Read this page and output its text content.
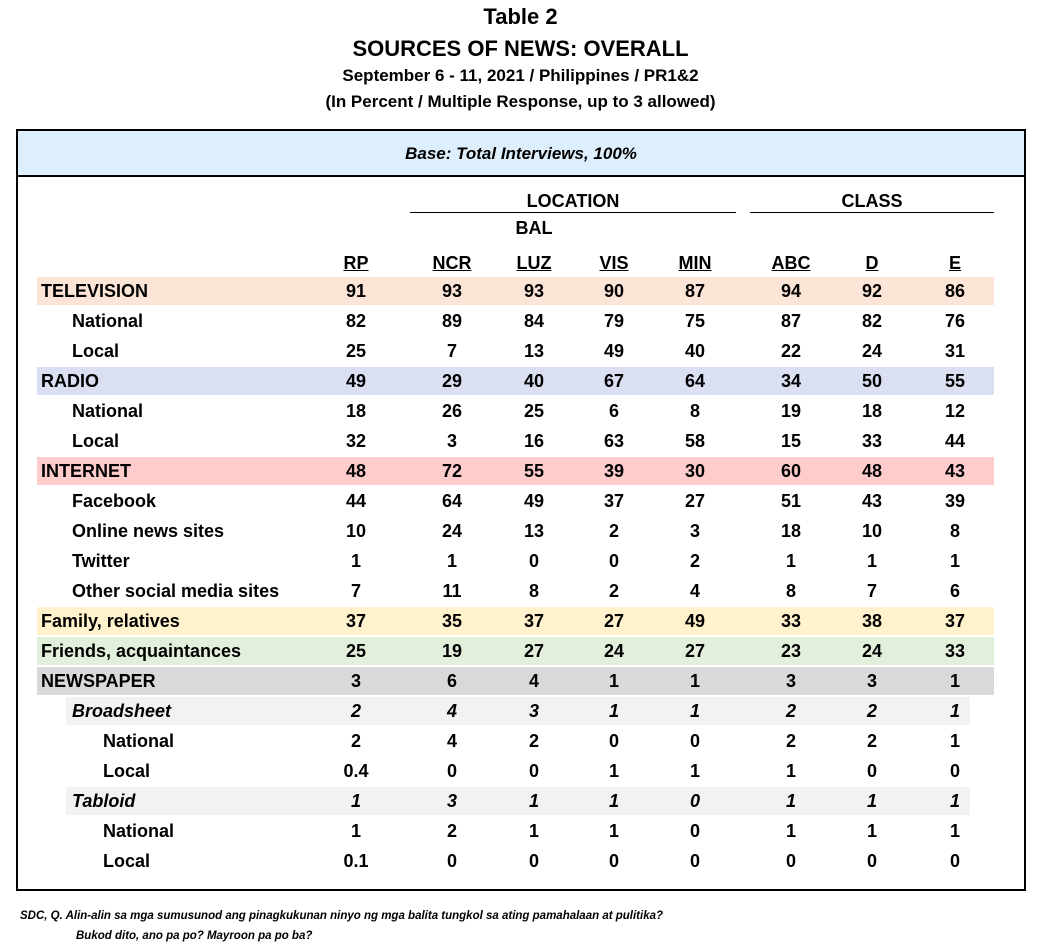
Table 2
SOURCES OF NEWS: OVERALL
September 6 - 11, 2021 / Philippines / PR1&2
(In Percent / Multiple Response, up to 3 allowed)
Base: Total Interviews, 100%
LOCATION	CLASS
BAL
RP	NCR	LUZ	VIS	MIN	ABC	D	E
TELEVISION	91	93	93	90	87	94	92	86
National	82	89	84	79	75	87	82	76
Local	25	7	13	49	40	22	24	31
RADIO	49	29	40	67	64	34	50	55
National	18	26	25	6	8	19	18	12
Local	32	3	16	63	58	15	33	44
INTERNET	48	72	55	39	30	60	48	43
Facebook	44	64	49	37	27	51	43	39
Online news sites	10	24	13	2	3	18	10	8
Twitter	1	1	0	0	2	1	1	1
Other social media sites	7	11	8	2	4	8	7	6
Family, relatives	37	35	37	27	49	33	38	37
Friends, acquaintances	25	19	27	24	27	23	24	33
NEWSPAPER	3	6	4	1	1	3	3	1
Broadsheet	2	4	3	1	1	2	2	1
National	2	4	2	0	0	2	2	1
Local	0.4	0	0	1	1	1	0	0
Tabloid	1	3	1	1	0	1	1	1
National	1	2	1	1	0	1	1	1
Local	0.1	0	0	0	0	0	0	0
SDC, Q. Alin-alin sa mga sumusunod ang pinagkukunan ninyo ng mga balita tungkol sa ating pamahalaan at pulitika?
Bukod dito, ano pa po? Mayroon pa po ba?
